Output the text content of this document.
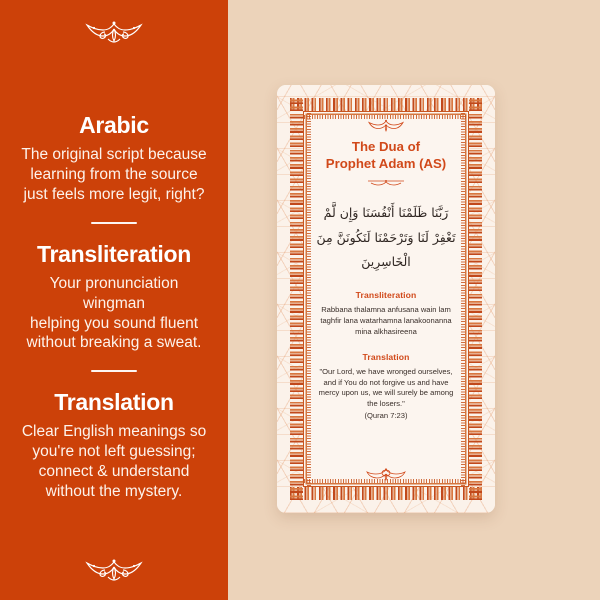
Arabic

The original script because learning from the source just feels more legit, right?

Transliteration

Your pronunciation wingman
helping you sound fluent without breaking a sweat.

Translation

Clear English meanings so you're not left guessing;
connect & understand without the mystery.

The Dua of
Prophet Adam (AS)
رَبَّنَا ظَلَمْنَا أَنْفُسَنَا وَإِن لَّمْ تَغْفِرْ لَنَا وَتَرْحَمْنَا لَنَكُونَنَّ مِنَ الْخَاسِرِينَ
Transliteration

Rabbana thalamna anfusana wain lam taghfir lana watarhamna lanakoonanna mina alkhasireena

Translation

"Our Lord, we have wronged ourselves, and if You do not forgive us and have mercy upon us, we will surely be among the losers."

(Quran 7:23)
